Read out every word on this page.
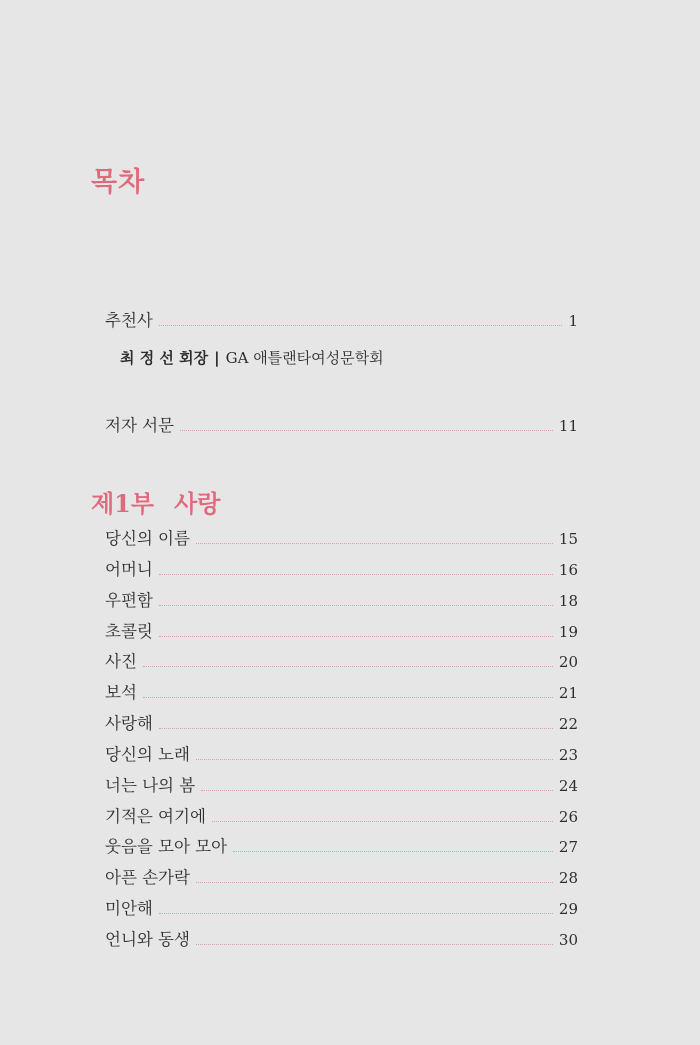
목차
추천사	1
최 정 선 회장 | GA 애틀랜타여성문학회
저자 서문	11
제1부 사랑
당신의 이름	15
어머니	16
우편함	18
초콜릿	19
사진	20
보석	21
사랑해	22
당신의 노래	23
너는 나의 봄	24
기적은 여기에	26
웃음을 모아 모아	27
아픈 손가락	28
미안해	29
언니와 동생	30
